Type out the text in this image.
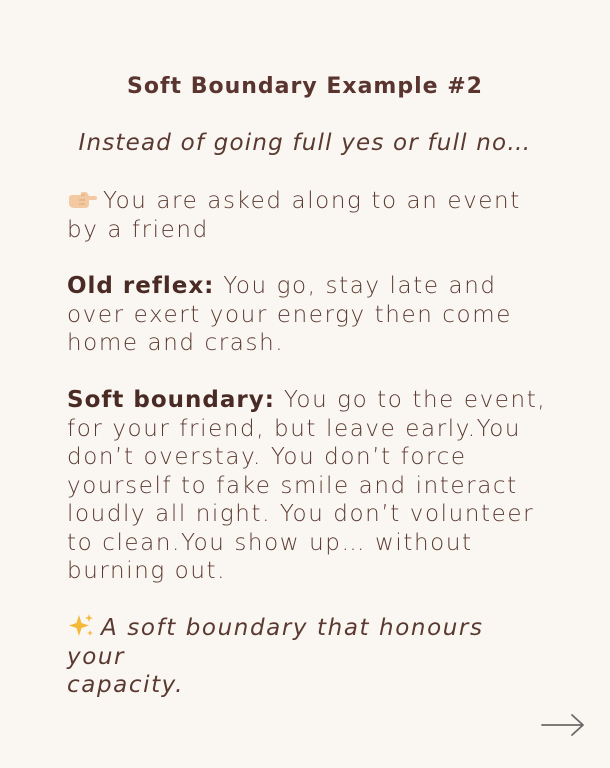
Soft Boundary Example #2
Instead of going full yes or full no…
You are asked along to an event
by a friend
Old reflex: You go, stay late and
over exert your energy then come
home and crash.
Soft boundary: You go to the event,
for your friend, but leave early.You
don’t overstay. You don’t force
yourself to fake smile and interact
loudly all night. You don’t volunteer
to clean.You show up… without
burning out.
A soft boundary that honours your
capacity.
